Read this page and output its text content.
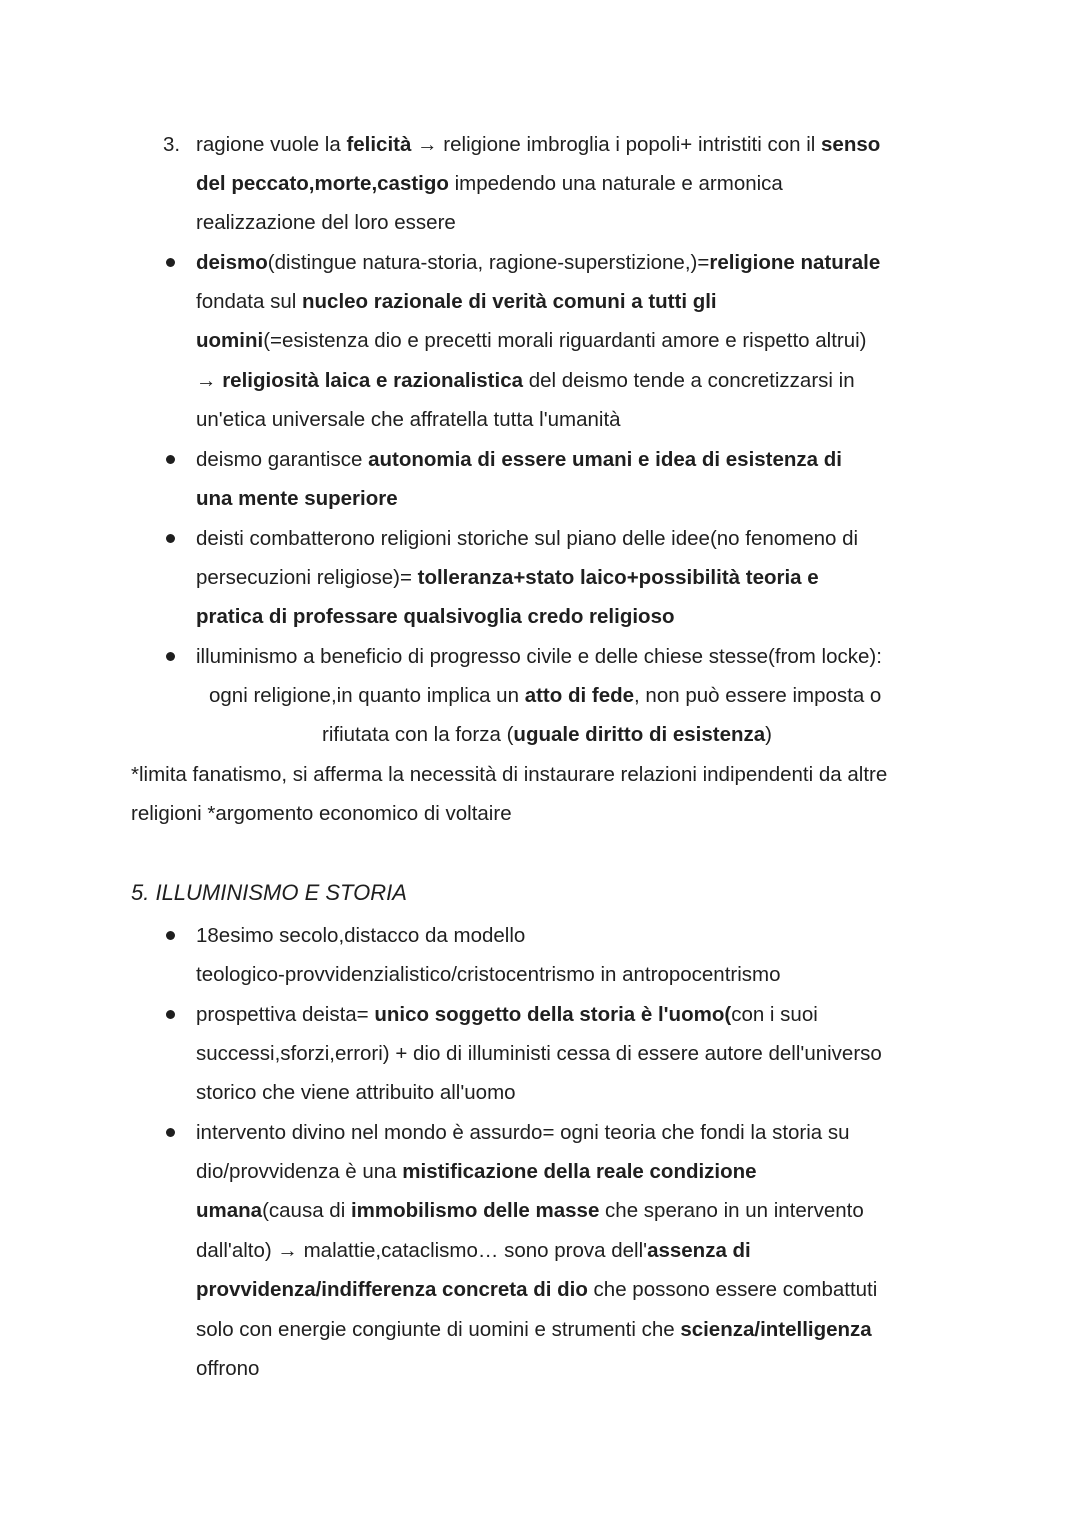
3. ragione vuole la felicità → religione imbroglia i popoli+ intristiti con il senso
del peccato,morte,castigo impedendo una naturale e armonica
realizzazione del loro essere
deismo(distingue natura-storia, ragione-superstizione,)=religione naturale
fondata sul nucleo razionale di verità comuni a tutti gli
uomini(=esistenza dio e precetti morali riguardanti amore e rispetto altrui)
→ religiosità laica e razionalistica del deismo tende a concretizzarsi in
un'etica universale che affratella tutta l'umanità
deismo garantisce autonomia di essere umani e idea di esistenza di
una mente superiore
deisti combatterono religioni storiche sul piano delle idee(no fenomeno di
persecuzioni religiose)= tolleranza+stato laico+possibilità teoria e
pratica di professare qualsivoglia credo religioso
illuminismo a beneficio di progresso civile e delle chiese stesse(from locke):
ogni religione,in quanto implica un atto di fede, non può essere imposta o
rifiutata con la forza (uguale diritto di esistenza)
*limita fanatismo, si afferma la necessità di instaurare relazioni indipendenti da altre
religioni *argomento economico di voltaire
5. ILLUMINISMO E STORIA
18esimo secolo,distacco da modello
teologico-provvidenzialistico/cristocentrismo in antropocentrismo
prospettiva deista= unico soggetto della storia è l'uomo(con i suoi
successi,sforzi,errori) + dio di illuministi cessa di essere autore dell'universo
storico che viene attribuito all'uomo
intervento divino nel mondo è assurdo= ogni teoria che fondi la storia su
dio/provvidenza è una mistificazione della reale condizione
umana(causa di immobilismo delle masse che sperano in un intervento
dall'alto) → malattie,cataclismo… sono prova dell'assenza di
provvidenza/indifferenza concreta di dio che possono essere combattuti
solo con energie congiunte di uomini e strumenti che scienza/intelligenza
offrono
